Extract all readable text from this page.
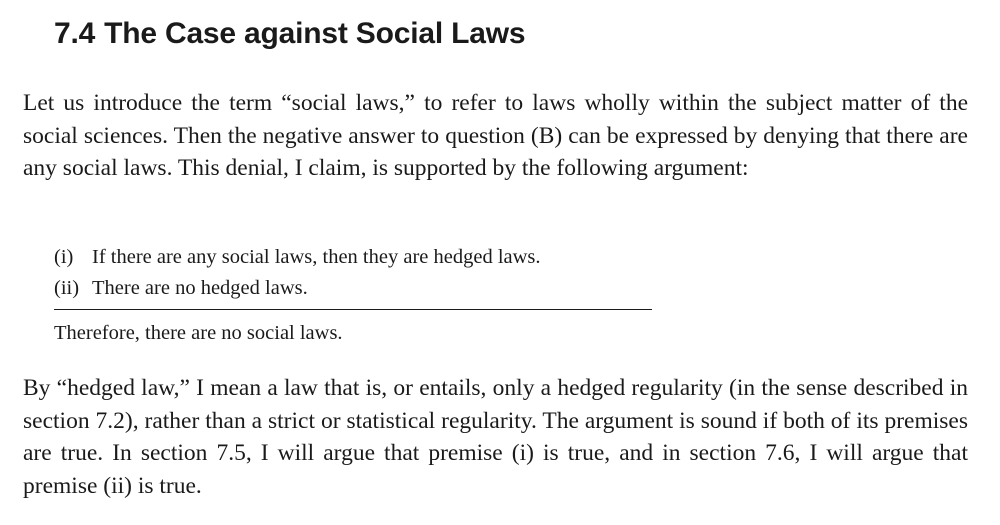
7.4 The Case against Social Laws

Let us introduce the term “social laws,” to refer to laws wholly within the subject matter of the social sciences. Then the negative answer to question (B) can be expressed by denying that there are any social laws. This denial, I claim, is supported by the following argument:

(i) If there are any social laws, then they are hedged laws.
(ii) There are no hedged laws.
Therefore, there are no social laws.

By “hedged law,” I mean a law that is, or entails, only a hedged regularity (in the sense described in section 7.2), rather than a strict or statistical regularity. The argument is sound if both of its premises are true. In section 7.5, I will argue that premise (i) is true, and in section 7.6, I will argue that premise (ii) is true.
